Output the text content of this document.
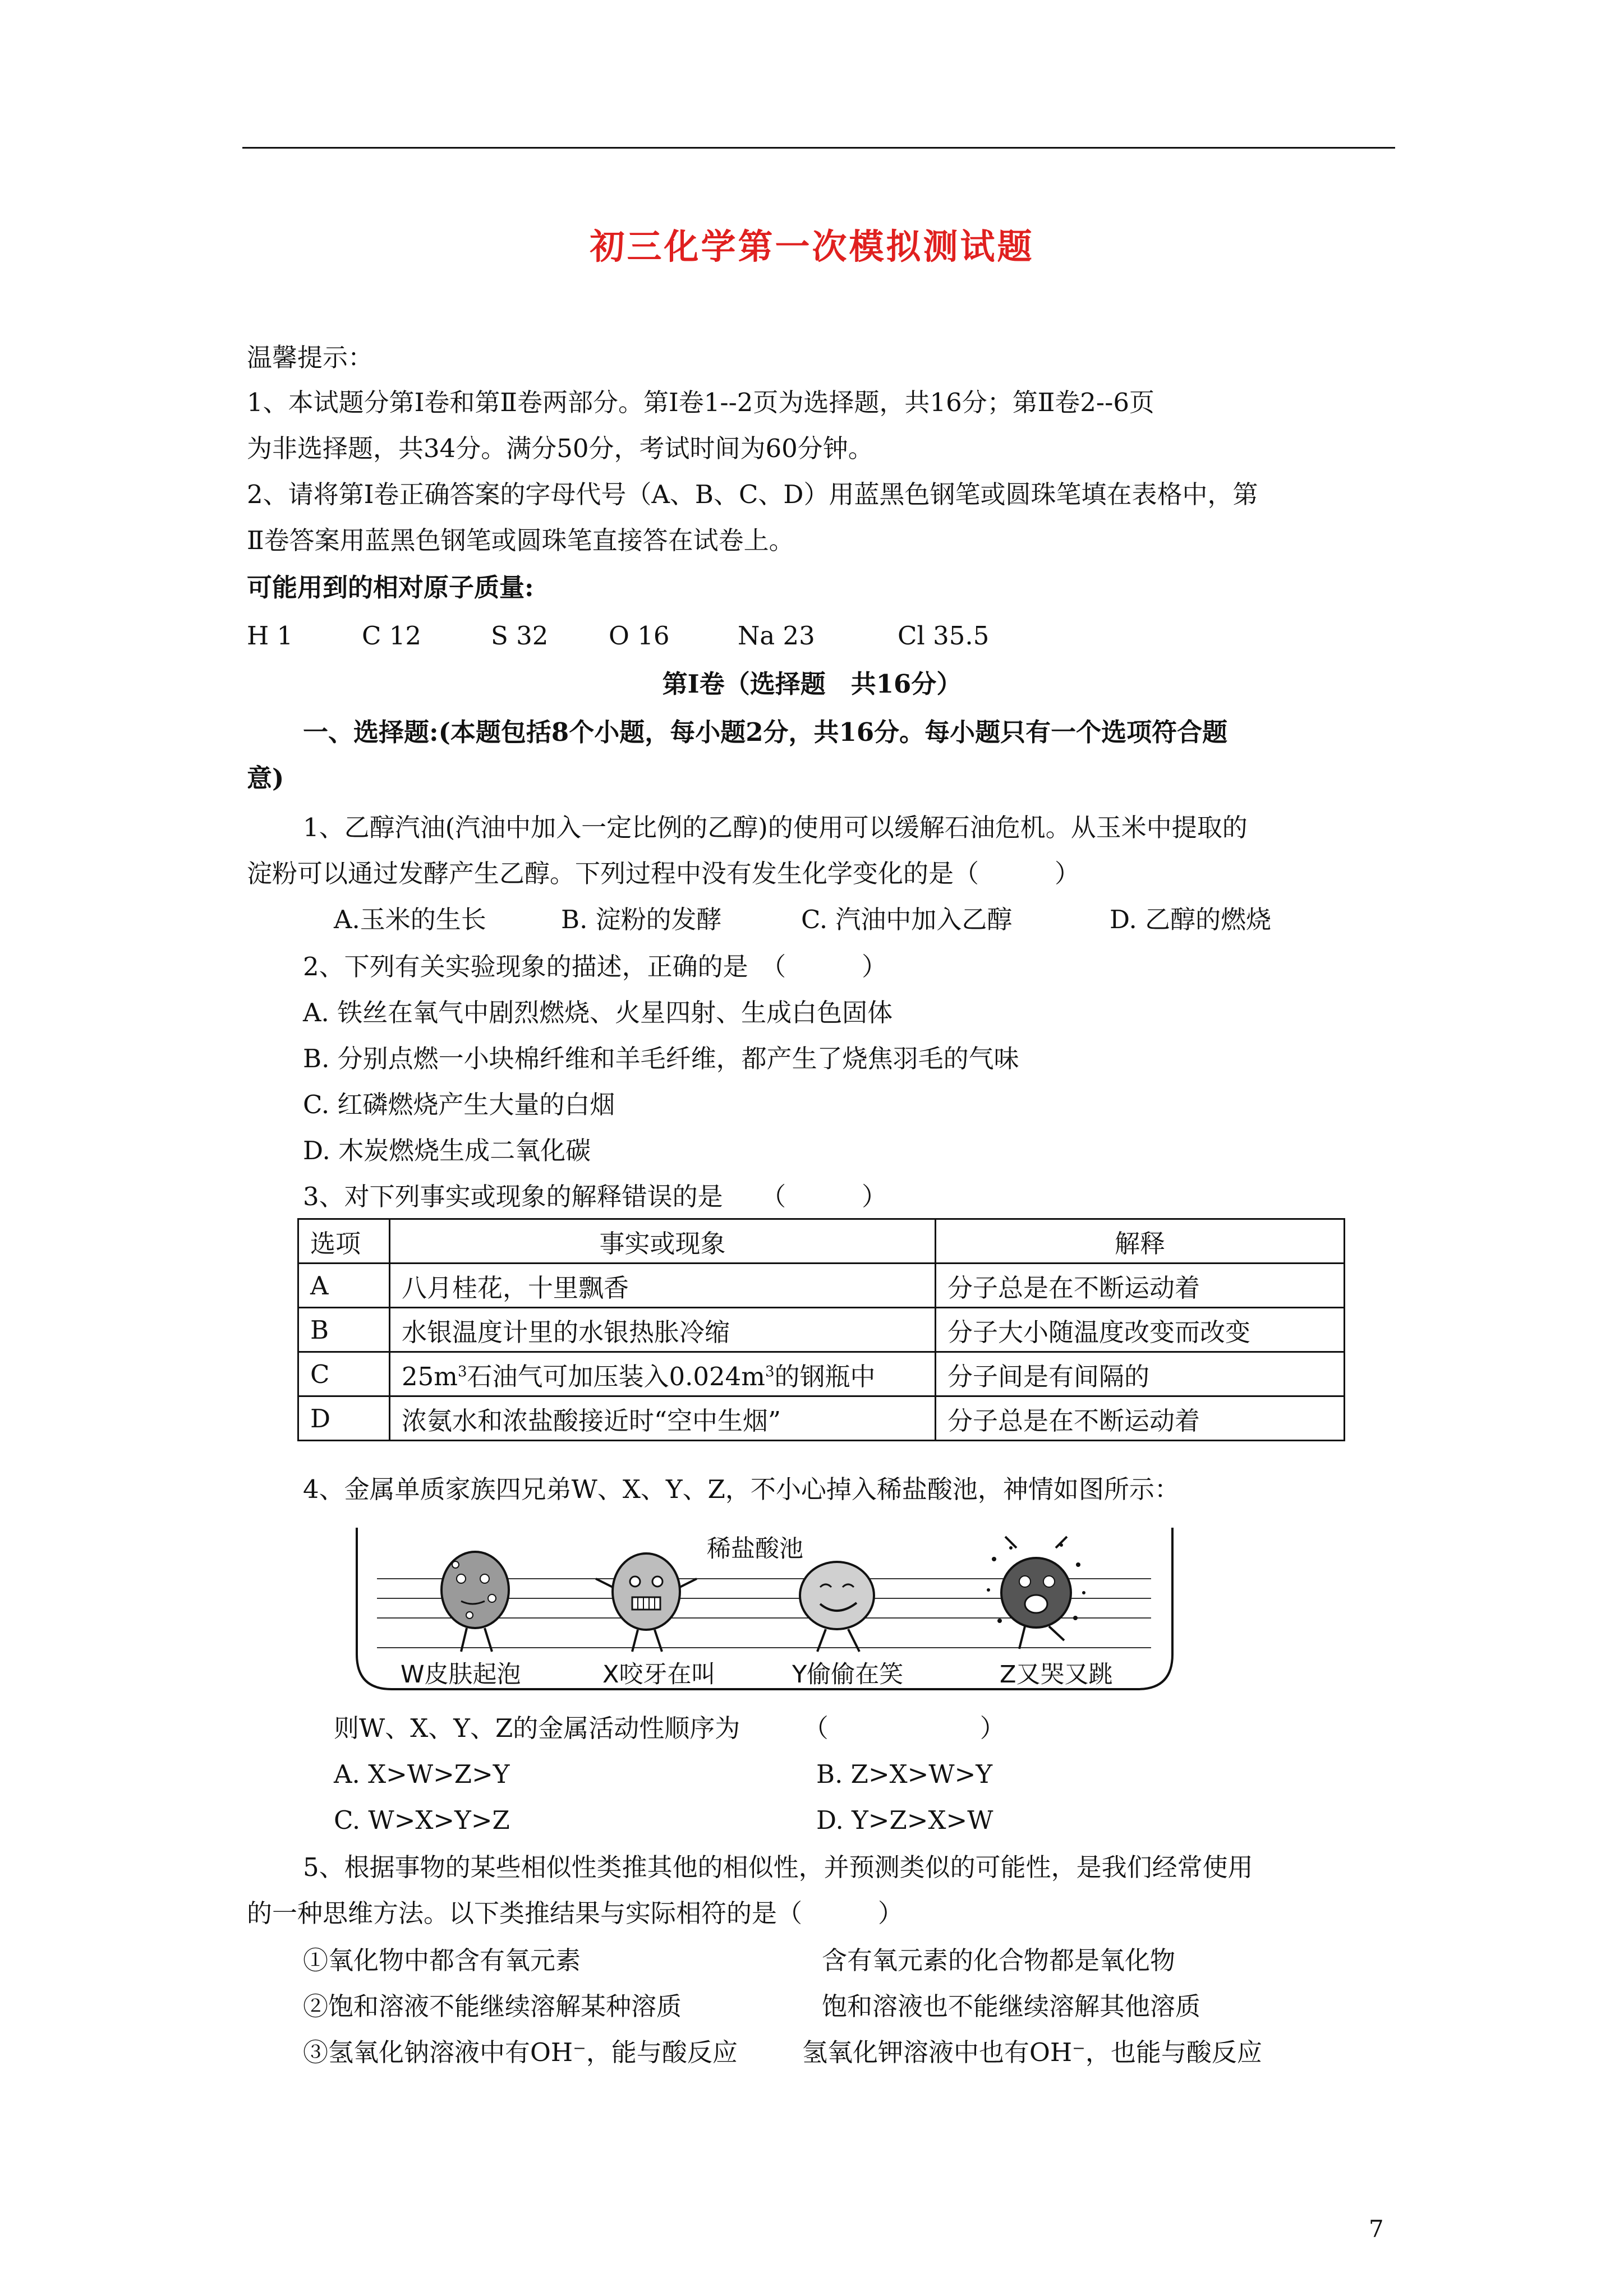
初三化学第一次模拟测试题
温馨提示：
1、本试题分第Ⅰ卷和第Ⅱ卷两部分。第Ⅰ卷1--2页为选择题，共16分；第Ⅱ卷2--6页
为非选择题，共34分。满分50分，考试时间为60分钟。
2、请将第Ⅰ卷正确答案的字母代号（A、B、C、D）用蓝黑色钢笔或圆珠笔填在表格中，第
Ⅱ卷答案用蓝黑色钢笔或圆珠笔直接答在试卷上。
可能用到的相对原子质量:
H 1	C 12	S 32 O 16	Na 23	Cl 35.5
第Ⅰ卷（选择题　共16分）
一、选择题:(本题包括8个小题，每小题2分，共16分。每小题只有一个选项符合题
意)
1、乙醇汽油(汽油中加入一定比例的乙醇)的使用可以缓解石油危机。从玉米中提取的
淀粉可以通过发酵产生乙醇。下列过程中没有发生化学变化的是（　　　）
A.玉米的生长	B. 淀粉的发酵	C. 汽油中加入乙醇	D. 乙醇的燃烧
2、下列有关实验现象的描述，正确的是　（　　　）
A. 铁丝在氧气中剧烈燃烧、火星四射、生成白色固体
B. 分别点燃一小块棉纤维和羊毛纤维，都产生了烧焦羽毛的气味
C. 红磷燃烧产生大量的白烟
D. 木炭燃烧生成二氧化碳
3、对下列事实或现象的解释错误的是　　（　　　）
选项	事实或现象	解释
A	八月桂花，十里飘香	分子总是在不断运动着
B	水银温度计里的水银热胀冷缩	分子大小随温度改变而改变
C	$25m^3$石油气可加压装入$0.024m^3$的钢瓶中	分子间是有间隔的
D	浓氨水和浓盐酸接近时“空中生烟”	分子总是在不断运动着
4、金属单质家族四兄弟W、X、Y、Z，不小心掉入稀盐酸池，神情如图所示：
稀盐酸池
W皮肤起泡	X咬牙在叫	Y偷偷在笑	Z又哭又跳
则W、X、Y、Z的金属活动性顺序为　　　（　　　　　　）
A. X>W>Z>Y	B. Z>X>W>Y
C. W>X>Y>Z	D. Y>Z>X>W
5、根据事物的某些相似性类推其他的相似性，并预测类似的可能性，是我们经常使用
的一种思维方法。以下类推结果与实际相符的是（　　　）
①氧化物中都含有氧元素	含有氧元素的化合物都是氧化物
②饱和溶液不能继续溶解某种溶质	饱和溶液也不能继续溶解其他溶质
③氢氧化钠溶液中有OH⁻，能与酸反应	氢氧化钾溶液中也有OH⁻，也能与酸反应
7
